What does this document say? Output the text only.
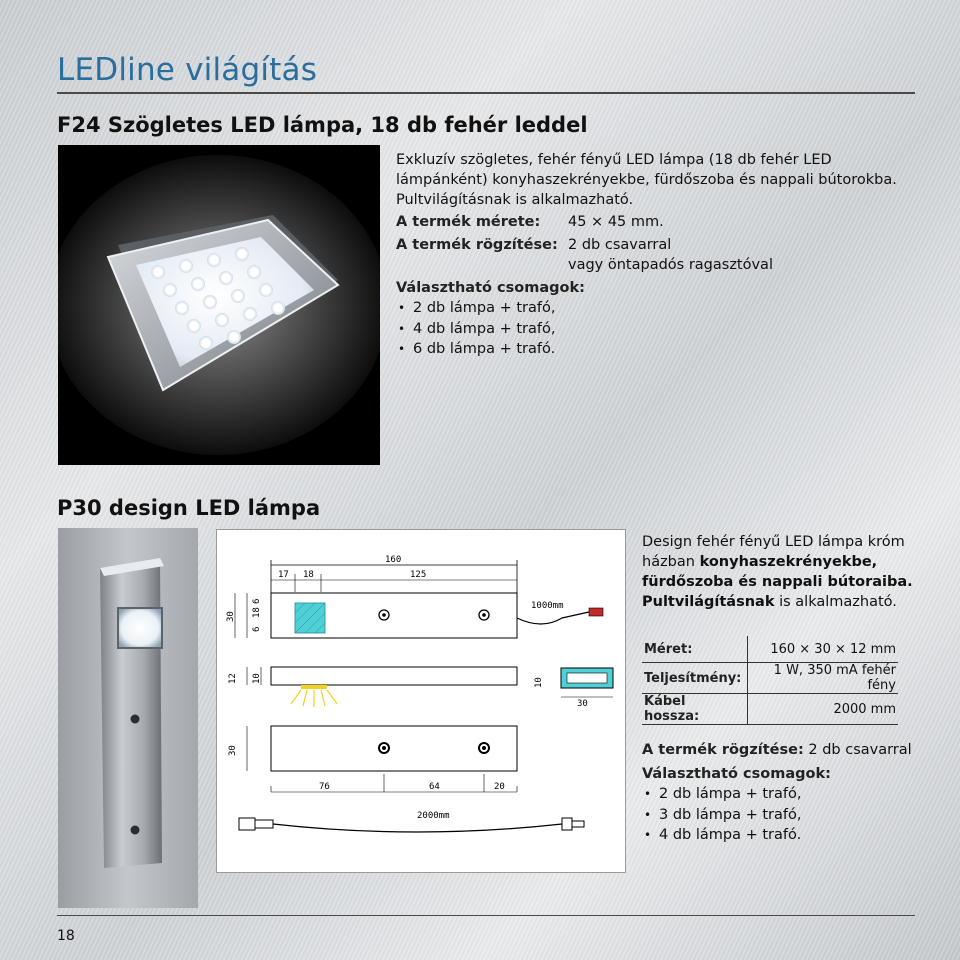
LEDline világítás
F24 Szögletes LED lámpa, 18 db fehér leddel
Exkluzív szögletes, fehér fényű LED lámpa (18 db fehér LED lámpánként) konyhaszekrényekbe, fürdőszoba és nappali bútorokba. Pultvilágításnak is alkalmazható.
A termék mérete: 45 × 45 mm.
A termék rögzítése: 2 db csavarral
vagy öntapadós ragasztóval
Választható csomagok:
• 2 db lámpa + trafó,
• 4 db lámpa + trafó,
• 6 db lámpa + trafó.
P30 design LED lámpa
160
17 18	125
30
6
18
6
1000mm
12 10
30
10
30
76	64	20
2000mm
Design fehér fényű LED lámpa króm házban konyhaszekrényekbe, fürdőszoba és nappali bútoraiba. Pultvilágításnak is alkalmazható.
Méret:	160 × 30 × 12 mm
Teljesítmény:	1 W, 350 mA fehér fény
Kábel hossza:	2000 mm
A termék rögzítése: 2 db csavarral
Választható csomagok:
• 2 db lámpa + trafó,
• 3 db lámpa + trafó,
• 4 db lámpa + trafó.
18
